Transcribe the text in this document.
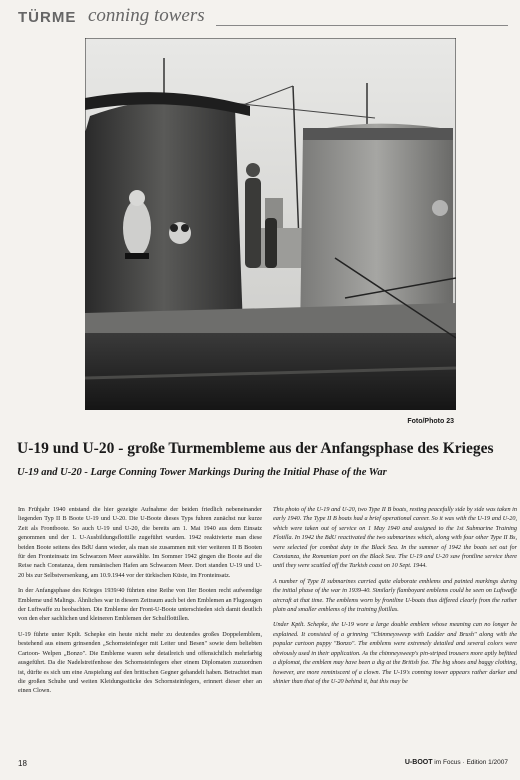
TÜRME conning towers
Foto/Photo 23
U-19 und U-20 - große Turmembleme aus der Anfangsphase des Krieges
U-19 and U-20 - Large Conning Tower Markings During the Initial Phase of the War

Im Frühjahr 1940 entstand die hier gezeigte Aufnahme der beiden friedlich nebeneinander liegenden Typ II B Boote U-19 und U-20. Die U-Boote dieses Typs fuhren zunächst nur kurze Zeit als Frontboote. So auch U-19 und U-20, die bereits am 1. Mai 1940 aus dem Einsatz genommen und der 1. U-Ausbildungsflottille zugeführt wurden. 1942 reaktivierte man diese beiden Boote seitens des BdU dann wieder, als man sie zusammen mit vier weiteren II B Booten für den Fronteinsatz im Schwarzen Meer auswählte. Im Sommer 1942 gingen die Boote auf die Reise nach Constanza, dem rumänischen Hafen am Schwarzen Meer. Dort standen U-19 und U-20 bis zur Selbstversenkung, am 10.9.1944 vor der türkischen Küste, im Fronteinsatz.

In der Anfangsphase des Krieges 1939/40 führten eine Reihe von IIer Booten recht aufwendige Embleme und Malings. Ähnliches war in diesem Zeitraum auch bei den Emblemen an Flugzeugen der Luftwaffe zu beobachten. Die Embleme der Front-U-Boote unterschieden sich damit deutlich von den eher sachlichen und kleineren Emblemen der Schulflottillen.

U-19 führte unter Kptlt. Schepke ein heute nicht mehr zu deutendes großes Doppelemblem, bestehend aus einem grinsenden „Schornsteinfeger mit Leiter und Besen" sowie dem beliebten Cartoon- Welpen „Bonzo". Die Embleme waren sehr detailreich und offensichtlich mehrfarbig ausgeführt. Da die Nadelstreifenhose des Schornsteinfegers eher einem Diplomaten zuzuordnen ist, dürfte es sich um eine Anspielung auf den britischen Gegner gehandelt haben. Betrachtet man die großen Schuhe und weiten Kleidungsstücke des Schornsteinfegers, erinnert dieser eher an einen Clown.

This photo of the U-19 and U-20, two Type II B boats, resting peacefully side by side was taken in early 1940. The Type II B boats had a brief operational career. So it was with the U-19 and U-20, which were taken out of service on 1 May 1940 and assigned to the 1st Submarine Training Flotilla. In 1942 the BdU reactivated the two submarines which, along with four other Type II Bs, were selected for combat duty in the Black Sea. In the summer of 1942 the boats set out for Constanza, the Romanian port on the Black Sea. The U-19 and U-20 saw frontline service there until they were scuttled off the Turkish coast on 10 Sept. 1944.

A number of Type II submarines carried quite elaborate emblems and painted markings during the initial phase of the war in 1939-40. Similarly flamboyant emblems could be seen on Luftwaffe aircraft at that time. The emblems worn by frontline U-boats thus differed clearly from the rather plain and smaller emblems of the training flotillas.

Under Kptlt. Schepke, the U-19 wore a large double emblem whose meaning can no longer be explained. It consisted of a grinning "Chimneysweep with Ladder and Brush" along with the popular cartoon puppy "Bonzo". The emblems were extremely detailed and several colors were obviously used in their application. As the chimneysweep's pin-striped trousers more aptly befitted a diplomat, the emblem may have been a dig at the British foe. The big shoes and baggy clothing, however, are more reminiscent of a clown. The U-19's conning tower appears rather darker and shinier than that of the U-20 behind it, but this may be

18	U-BOOT im Focus · Edition 1/2007
